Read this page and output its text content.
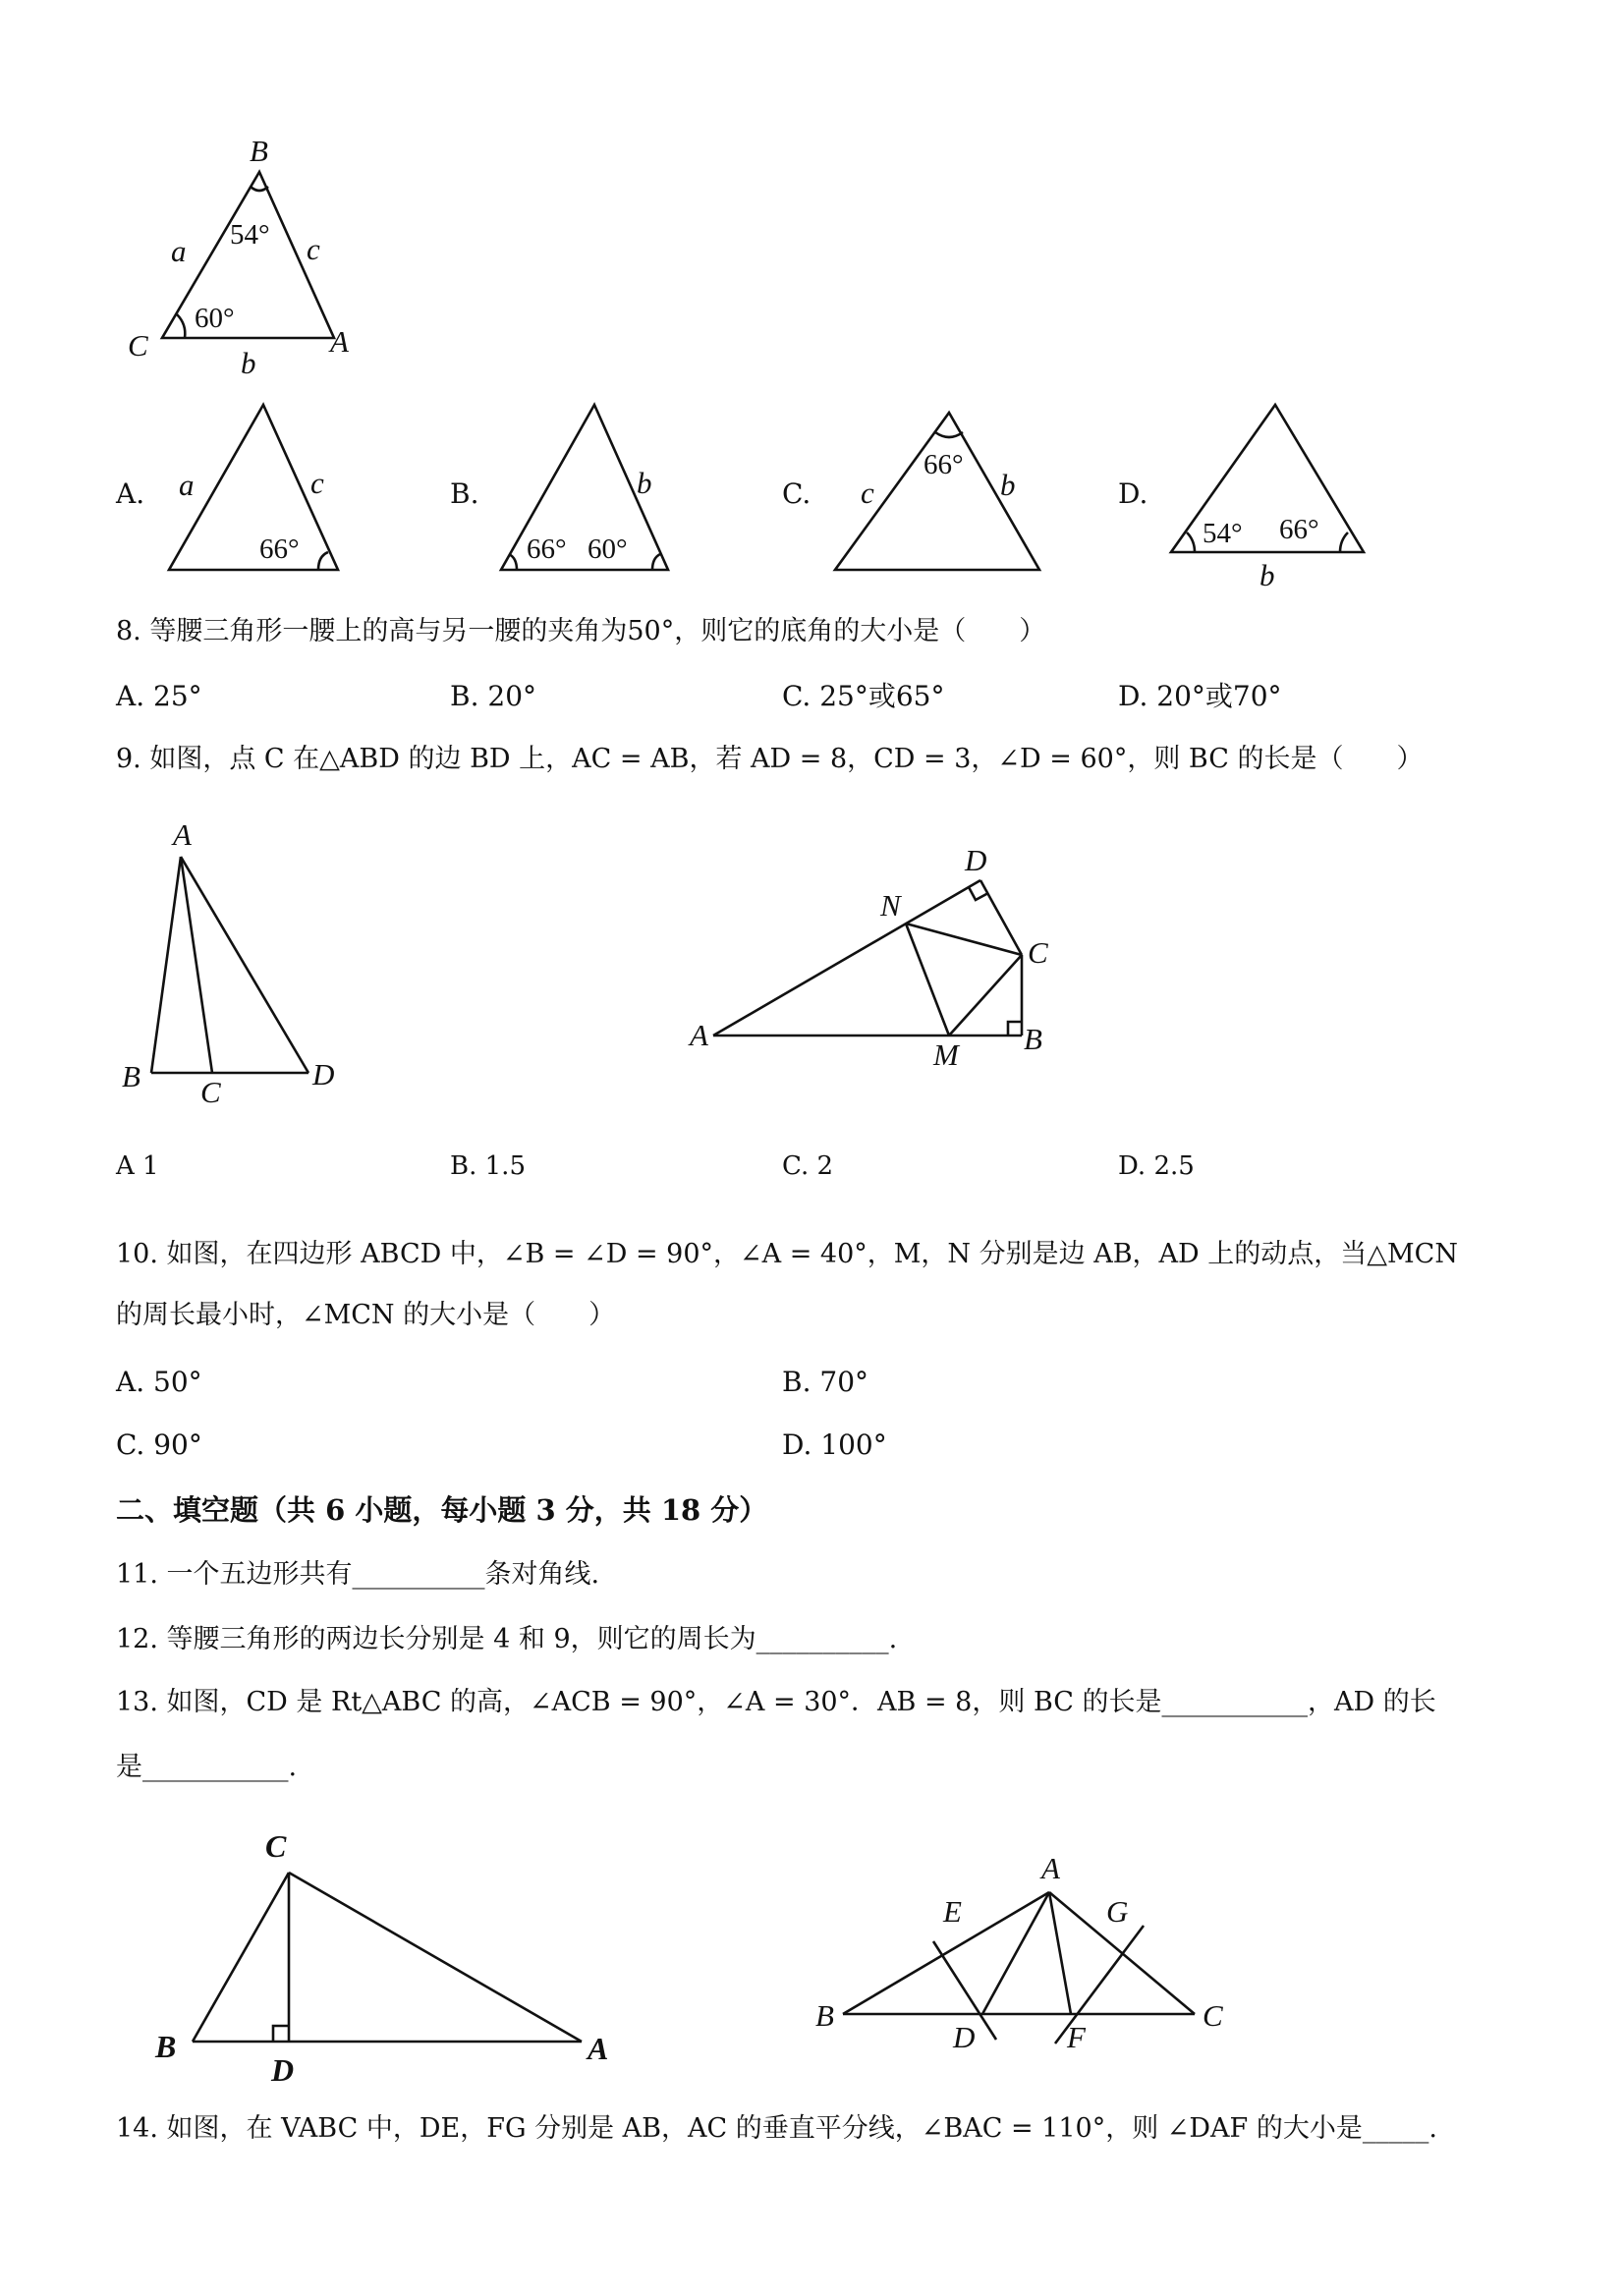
B
a	c
C	A
b
54°
60°
A. a	c
66°
B.	b
66° 60°
C. c	b
66°
D.
54° 66°
b
8. 等腰三角形一腰上的高与另一腰的夹角为50°，则它的底角的大小是（　　）
A. 25°	B. 20°	C. 25°或65°	D. 20°或70°
9. 如图，点 C 在△ABD 的边 BD 上，AC = AB，若 AD = 8，CD = 3，∠D = 60°，则 BC 的长是（　　）
A
B C
D
D
N
C
A
M B
A 1	B. 1.5	C. 2	D. 2.5
10. 如图，在四边形 ABCD 中，∠B = ∠D = 90°，∠A = 40°，M，N 分别是边 AB，AD 上的动点，当△MCN
的周长最小时，∠MCN 的大小是（　　）
A. 50°	B. 70°
C. 90°	D. 100°
二、填空题（共 6 小题，每小题 3 分，共 18 分）
11. 一个五边形共有__________条对角线.
12. 等腰三角形的两边长分别是 4 和 9，则它的周长为__________.
13. 如图，CD 是 Rt△ABC 的高，∠ACB = 90°，∠A = 30°．AB = 8，则 BC 的长是___________，AD 的长
是___________.
C
B
D
A
A
E	G
B
D	F
C
14. 如图，在 VABC 中，DE，FG 分别是 AB，AC 的垂直平分线，∠BAC = 110°，则 ∠DAF 的大小是_____.
